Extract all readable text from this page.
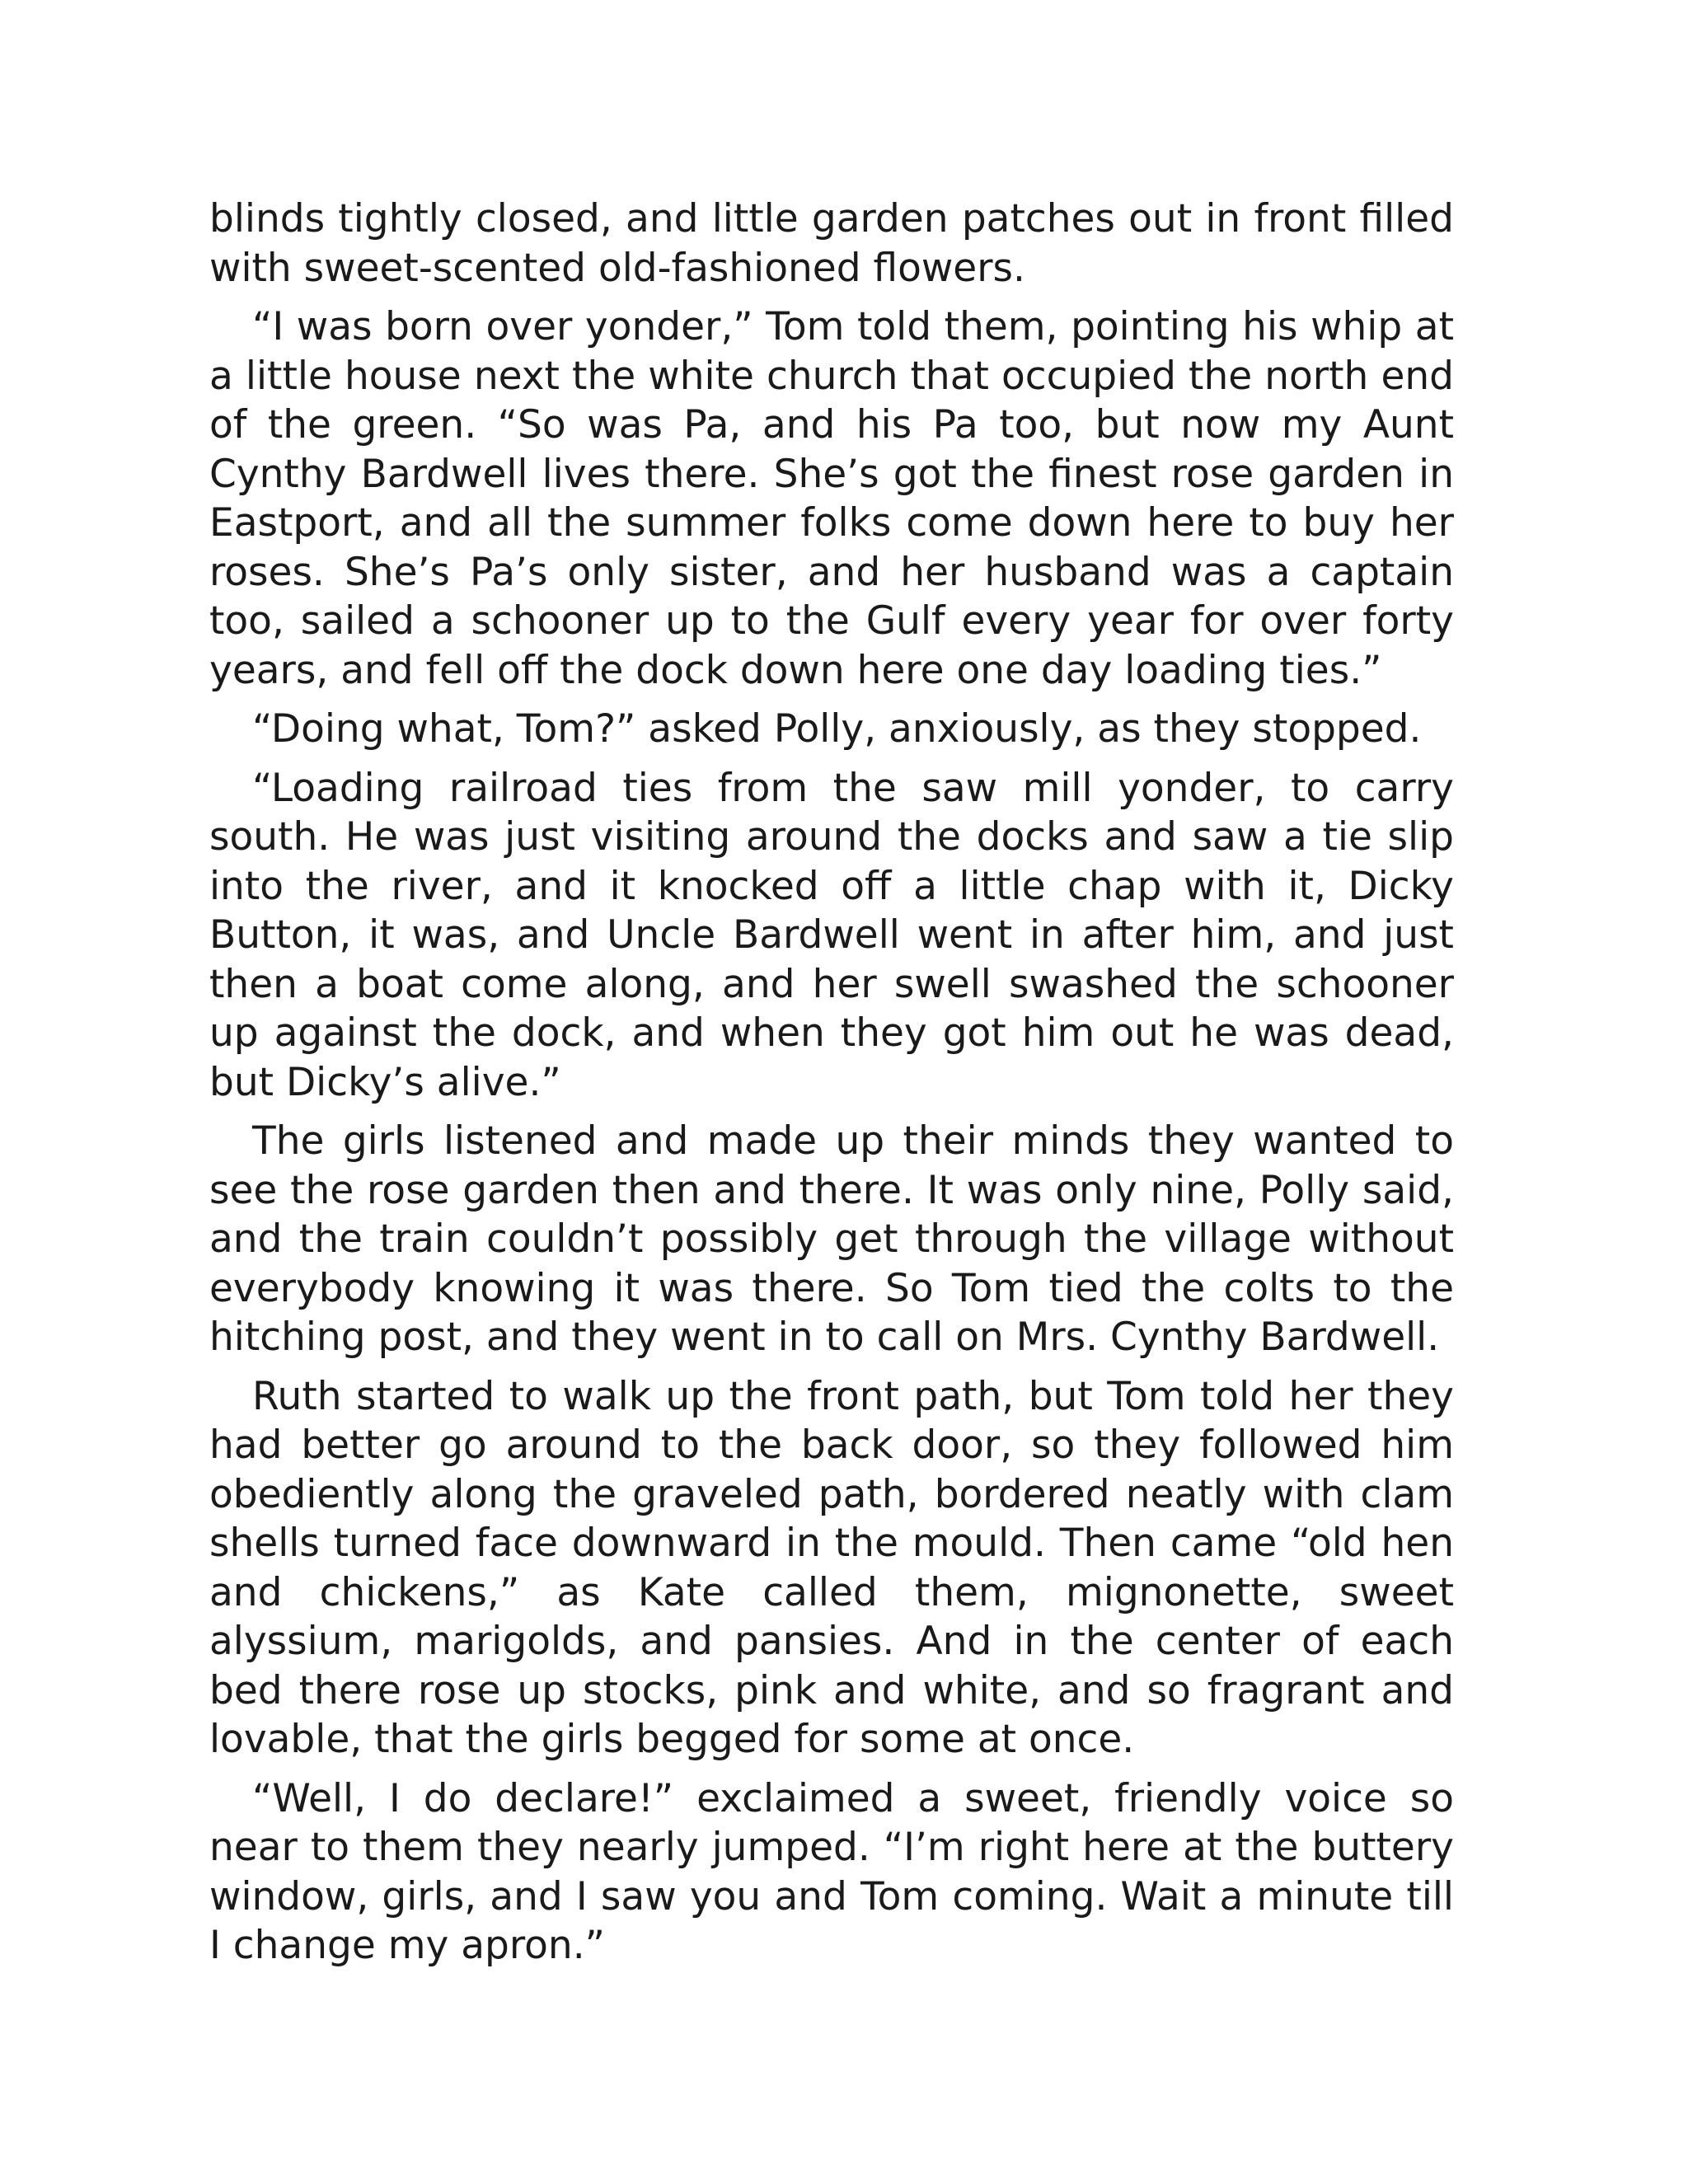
blinds tightly closed, and little garden patches out in front filled with sweet-scented old-fashioned flowers.

“I was born over yonder,” Tom told them, pointing his whip at a little house next the white church that occupied the north end of the green. “So was Pa, and his Pa too, but now my Aunt Cynthy Bardwell lives there. She’s got the finest rose garden in Eastport, and all the summer folks come down here to buy her roses. She’s Pa’s only sister, and her husband was a captain too, sailed a schooner up to the Gulf every year for over forty years, and fell off the dock down here one day loading ties.”

“Doing what, Tom?” asked Polly, anxiously, as they stopped.

“Loading railroad ties from the saw mill yonder, to carry south. He was just visiting around the docks and saw a tie slip into the river, and it knocked off a little chap with it, Dicky Button, it was, and Uncle Bardwell went in after him, and just then a boat come along, and her swell swashed the schooner up against the dock, and when they got him out he was dead, but Dicky’s alive.”

The girls listened and made up their minds they wanted to see the rose garden then and there. It was only nine, Polly said, and the train couldn’t possibly get through the village without everybody knowing it was there. So Tom tied the colts to the hitching post, and they went in to call on Mrs. Cynthy Bardwell.

Ruth started to walk up the front path, but Tom told her they had better go around to the back door, so they followed him obediently along the graveled path, bordered neatly with clam shells turned face downward in the mould. Then came “old hen and chickens,” as Kate called them, mignonette, sweet alyssium, marigolds, and pansies. And in the center of each bed there rose up stocks, pink and white, and so fragrant and lovable, that the girls begged for some at once.

“Well, I do declare!” exclaimed a sweet, friendly voice so near to them they nearly jumped. “I’m right here at the buttery window, girls, and I saw you and Tom coming. Wait a minute till I change my apron.”
